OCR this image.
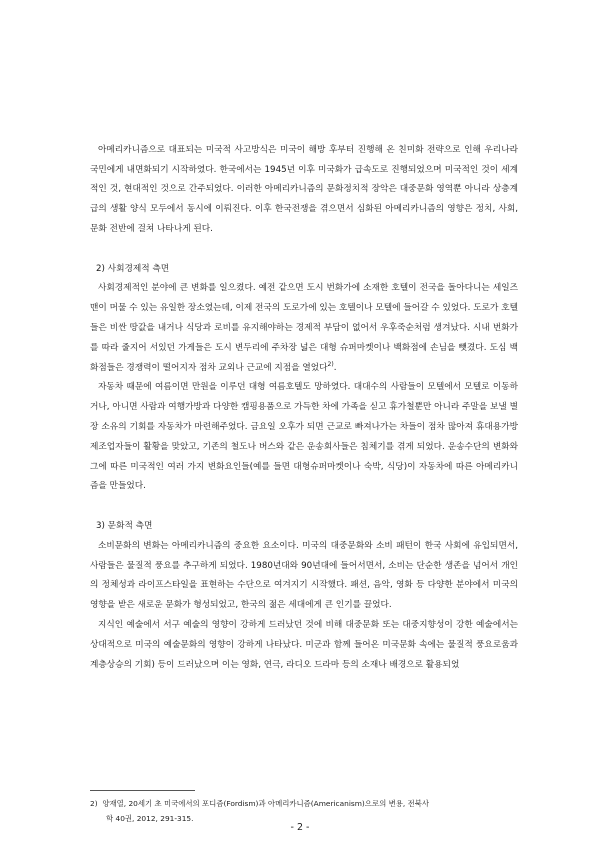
아메리카니즘으로 대표되는 미국적 사고방식은 미국이 해방 후부터 진행해 온 친미화 전략으로 인해 우리나라 국민에게 내면화되기 시작하였다. 한국에서는 1945년 이후 미국화가 급속도로 진행되었으며 미국적인 것이 세계적인 것, 현대적인 것으로 간주되었다. 이러한 아메리카니즘의 문화정치적 장악은 대중문화 영역뿐 아니라 상층계급의 생활 양식 모두에서 동시에 이뤄진다. 이후 한국전쟁을 겪으면서 심화된 아메리카니즘의 영향은 정치, 사회, 문화 전반에 걸쳐 나타나게 된다.

2) 사회경제적 측면

사회경제적인 분야에 큰 변화를 일으켰다. 예전 같으면 도시 번화가에 소재한 호텔이 전국을 돌아다니는 세일즈맨이 머물 수 있는 유일한 장소였는데, 이제 전국의 도로가에 있는 호텔이나 모텔에 들어갈 수 있었다. 도로가 호텔들은 비싼 땅값을 내거나 식당과 로비를 유지해야하는 경제적 부담이 없어서 우후죽순처럼 생겨났다. 시내 번화가를 따라 줄지어 서있던 가게들은 도시 변두리에 주차장 넓은 대형 슈퍼마켓이나 백화점에 손님을 뺏겼다. 도심 백화점들은 경쟁력이 떨어지자 점차 교외나 근교에 지점을 열었다$^{2)}$.

자동차 때문에 여름이면 만원을 이루던 대형 여름호텔도 망하였다. 대대수의 사람들이 모텔에서 모텔로 이동하거나, 아니면 사람과 여행가방과 다양한 캠핑용품으로 가득한 차에 가족을 싣고 휴가철뿐만 아니라 주말을 보낼 별장 소유의 기회를 자동차가 마련해주었다. 금요일 오후가 되면 근교로 빠져나가는 차들이 점차 많아져 휴대용가방제조업자들이 활황을 맞았고, 기존의 철도나 버스와 같은 운송회사들은 침체기를 겪게 되었다. 운송수단의 변화와 그에 따른 미국적인 여러 가지 변화요인들(예를 들면 대형슈퍼마켓이나 숙박, 식당)이 자동차에 따른 아메리카니즘을 만들었다.

3) 문화적 측면

소비문화의 변화는 아메리카니즘의 중요한 요소이다. 미국의 대중문화와 소비 패턴이 한국 사회에 유입되면서, 사람들은 물질적 풍요를 추구하게 되었다. 1980년대와 90년대에 들어서면서, 소비는 단순한 생존을 넘어서 개인의 정체성과 라이프스타일을 표현하는 수단으로 여겨지기 시작했다. 패션, 음악, 영화 등 다양한 분야에서 미국의 영향을 받은 새로운 문화가 형성되었고, 한국의 젊은 세대에게 큰 인기를 끌었다.

지식인 예술에서 서구 예술의 영향이 강하게 드러났던 것에 비해 대중문화 또는 대중지향성이 강한 예술에서는 상대적으로 미국의 예술문화의 영향이 강하게 나타났다. 미군과 함께 들어온 미국문화 속에는 물질적 풍요로움과 계층상승의 기회) 등이 드러났으며 이는 영화, 연극, 라디오 드라마 등의 소재나 배경으로 활용되었

2) 양재열, 20세기 초 미국에서의 포디즘(Fordism)과 아메리카니즘(Americanism)으로의 변용, 전북사
학 40권, 2012, 291-315.
- 2 -
